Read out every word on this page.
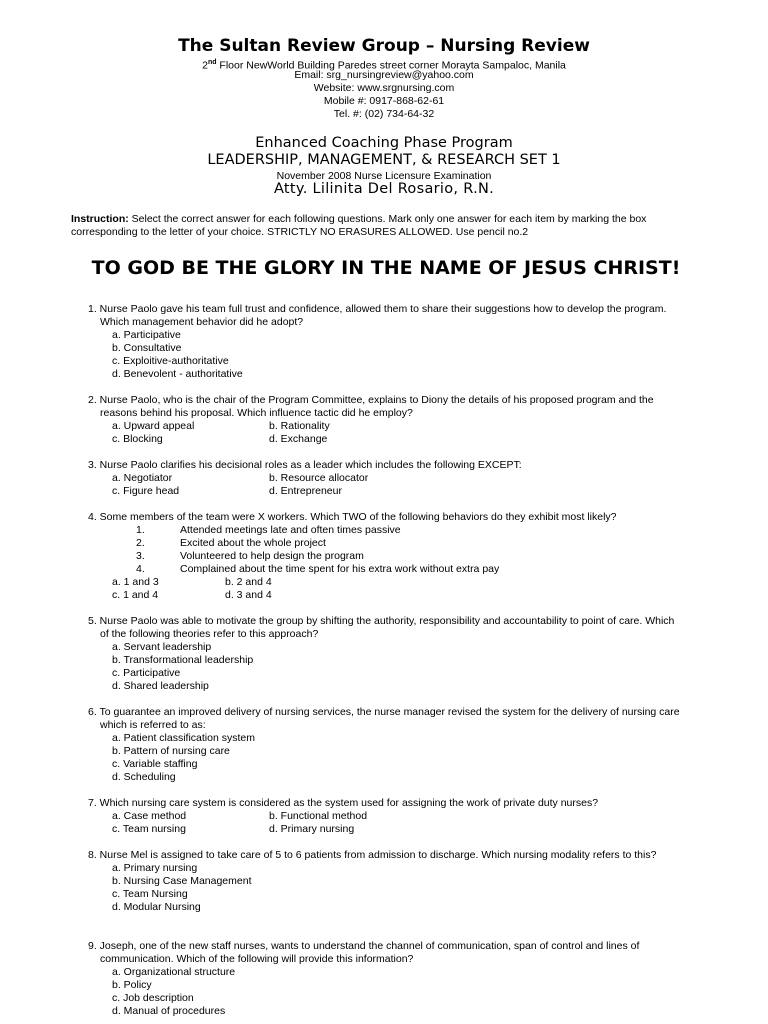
The Sultan Review Group – Nursing Review
2nd Floor NewWorld Building Paredes street corner Morayta Sampaloc, Manila
Email: srg_nursingreview@yahoo.com
Website: www.srgnursing.com
Mobile #: 0917-868-62-61
Tel. #: (02) 734-64-32
Enhanced Coaching Phase Program
LEADERSHIP, MANAGEMENT, & RESEARCH SET 1
November 2008 Nurse Licensure Examination
Atty. Lilinita Del Rosario, R.N.
Instruction: Select the correct answer for each following questions. Mark only one answer for each item by marking the box corresponding to the letter of your choice. STRICTLY NO ERASURES ALLOWED. Use pencil no.2
TO GOD BE THE GLORY IN THE NAME OF JESUS CHRIST!
1. Nurse Paolo gave his team full trust and confidence, allowed them to share their suggestions how to develop the program. Which management behavior did he adopt?
a. Participative
b. Consultative
c. Exploitive-authoritative
d. Benevolent - authoritative
2. Nurse Paolo, who is the chair of the Program Committee, explains to Diony the details of his proposed program and the reasons behind his proposal. Which influence tactic did he employ?
a. Upward appeal	b. Rationality
c. Blocking	d. Exchange
3. Nurse Paolo clarifies his decisional roles as a leader which includes the following EXCEPT:
a. Negotiator	b. Resource allocator
c. Figure head	d. Entrepreneur
4. Some members of the team were X workers. Which TWO of the following behaviors do they exhibit most likely?
1.	Attended meetings late and often times passive
2.	Excited about the whole project
3.	Volunteered to help design the program
4.	Complained about the time spent for his extra work without extra pay
a. 1 and 3	b. 2 and 4
c. 1 and 4	d. 3 and 4
5. Nurse Paolo was able to motivate the group by shifting the authority, responsibility and accountability to point of care. Which of the following theories refer to this approach?
a. Servant leadership
b. Transformational leadership
c. Participative
d. Shared leadership
6. To guarantee an improved delivery of nursing services, the nurse manager revised the system for the delivery of nursing care which is referred to as:
a. Patient classification system
b. Pattern of nursing care
c. Variable staffing
d. Scheduling
7. Which nursing care system is considered as the system used for assigning the work of private duty nurses?
a. Case method	b. Functional method
c. Team nursing	d. Primary nursing
8. Nurse Mel is assigned to take care of 5 to 6 patients from admission to discharge. Which nursing modality refers to this?
a. Primary nursing
b. Nursing Case Management
c. Team Nursing
d. Modular Nursing
9. Joseph, one of the new staff nurses, wants to understand the channel of communication, span of control and lines of communication. Which of the following will provide this information?
a. Organizational structure
b. Policy
c. Job description
d. Manual of procedures
